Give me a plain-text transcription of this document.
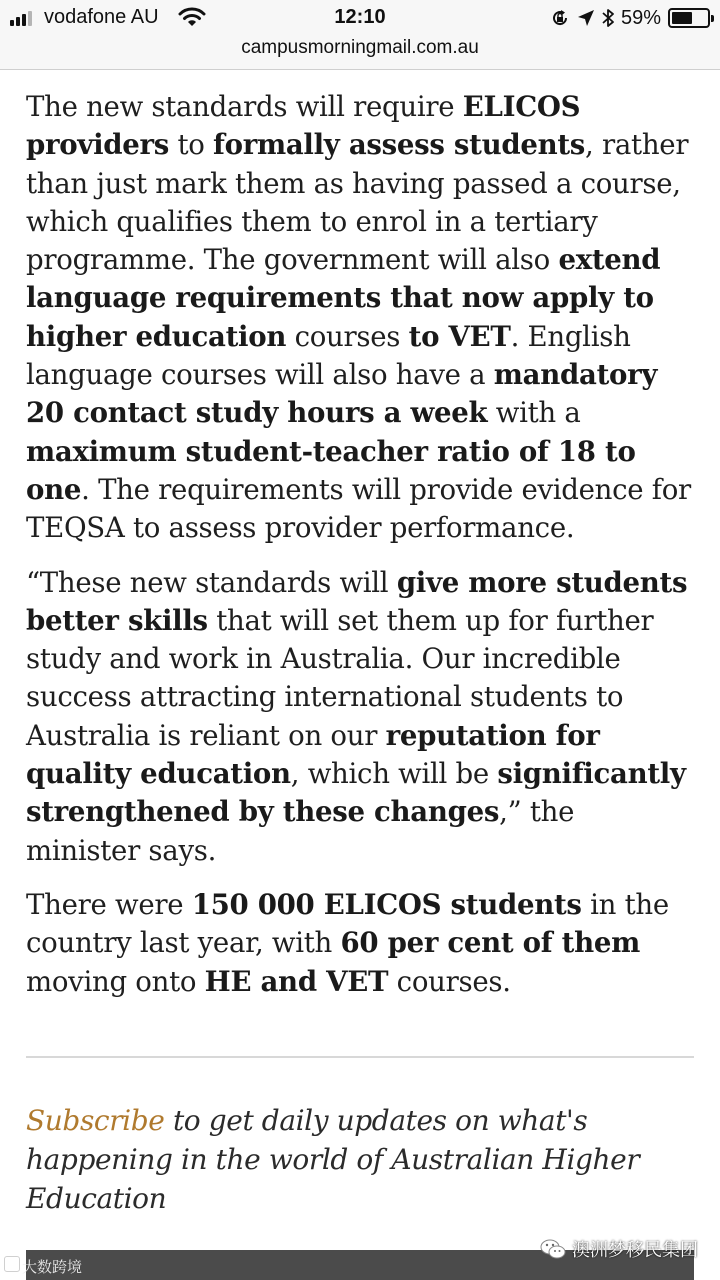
vodafone AU	12:10	59%
campusmorningmail.com.au

The new standards will require ELICOS providers to formally assess students, rather than just mark them as having passed a course, which qualifies them to enrol in a tertiary programme. The government will also extend language requirements that now apply to higher education courses to VET. English language courses will also have a mandatory 20 contact study hours a week with a maximum student-teacher ratio of 18 to one. The requirements will provide evidence for TEQSA to assess provider performance.

“These new standards will give more students better skills that will set them up for further study and work in Australia. Our incredible success attracting international students to Australia is reliant on our reputation for quality education, which will be significantly strengthened by these changes,” the minister says.

There were 150 000 ELICOS students in the country last year, with 60 per cent of them moving onto HE and VET courses.

Subscribe to get daily updates on what's happening in the world of Australian Higher Education
大数跨境
澳洲梦移民集团
